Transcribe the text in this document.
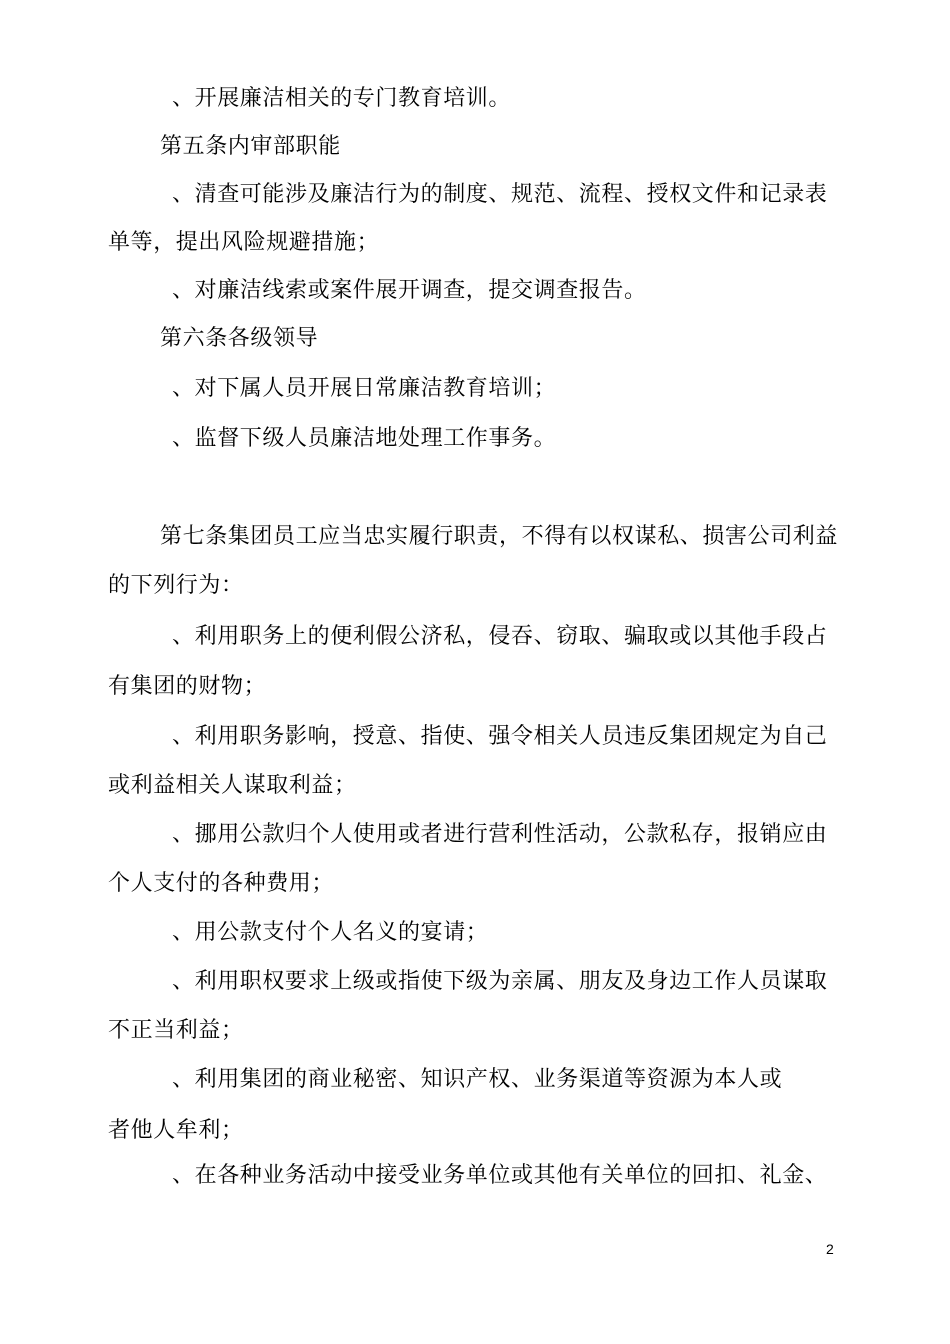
、开展廉洁相关的专门教育培训。
第五条内审部职能
、清查可能涉及廉洁行为的制度、规范、流程、授权文件和记录表
单等，提出风险规避措施；
、对廉洁线索或案件展开调查，提交调查报告。
第六条各级领导
、对下属人员开展日常廉洁教育培训；
、监督下级人员廉洁地处理工作事务。
第七条集团员工应当忠实履行职责，不得有以权谋私、损害公司利益
的下列行为：
、利用职务上的便利假公济私，侵吞、窃取、骗取或以其他手段占
有集团的财物；
、利用职务影响，授意、指使、强令相关人员违反集团规定为自己
或利益相关人谋取利益；
、挪用公款归个人使用或者进行营利性活动，公款私存，报销应由
个人支付的各种费用；
、用公款支付个人名义的宴请；
、利用职权要求上级或指使下级为亲属、朋友及身边工作人员谋取
不正当利益；
、利用集团的商业秘密、知识产权、业务渠道等资源为本人或
者他人牟利；
、在各种业务活动中接受业务单位或其他有关单位的回扣、礼金、
2
